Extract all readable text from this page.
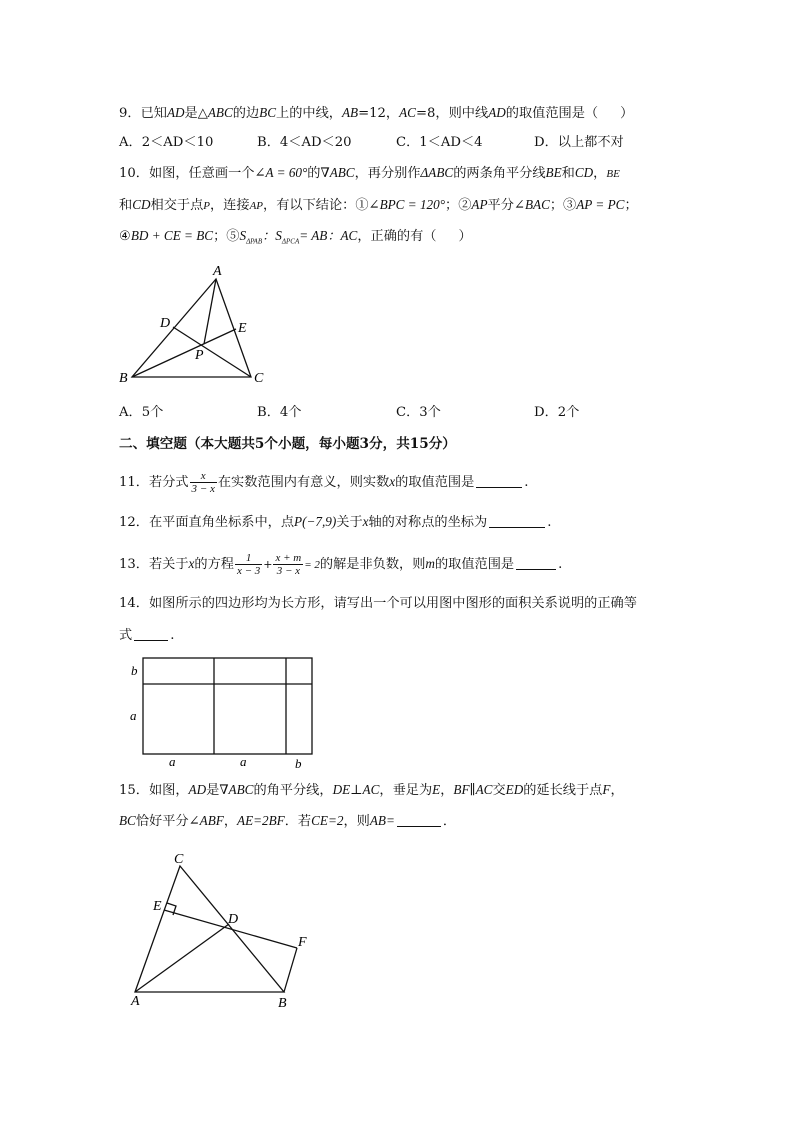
9．已知AD是△ABC的边BC上的中线，AB=12，AC=8，则中线AD的取值范围是（ ）
A．2＜AD＜10	B．4＜AD＜20	C．1＜AD＜4	D．以上都不对
10．如图，任意画一个∠A = 60°的∇ABC，再分别作ΔABC的两条角平分线BE和CD，BE
和CD相交于点P，连接AP，有以下结论：①∠BPC = 120°；②AP平分∠BAC；③AP = PC；
④BD + CE = BC；$⑤S_{\Delta PAB}$：$S_{\Delta PCA}=$ AB：AC，正确的有（ ）
A
B	C
D	E
P
A．5个	B．4个	C．3个	D．2个
二、填空题（本大题共5个小题，每小题3分，共15分）
11．若分式 $\frac{x}{3 - x}$ 在实数范围内有意义，则实数x的取值范围是	.
12．在平面直角坐标系中，点P(−7,9)关于x轴的对称点的坐标为	.
13．若关于x的方程 $\frac{1}{x - 3} + \frac{x + m}{3 - x} = 2$的解是非负数，则m的取值范围是	.
14．如图所示的四边形均为长方形，请写出一个可以用图中图形的面积关系说明的正确等
式	.
b
a
a	a	b
15．如图，AD是∇ABC的角平分线，DE⊥AC，垂足为E，BF∥AC交ED的延长线于点F，
BC恰好平分∠ABF，AE=2BF．若CE=2，则AB=	．
C
E
D
F
A	B
